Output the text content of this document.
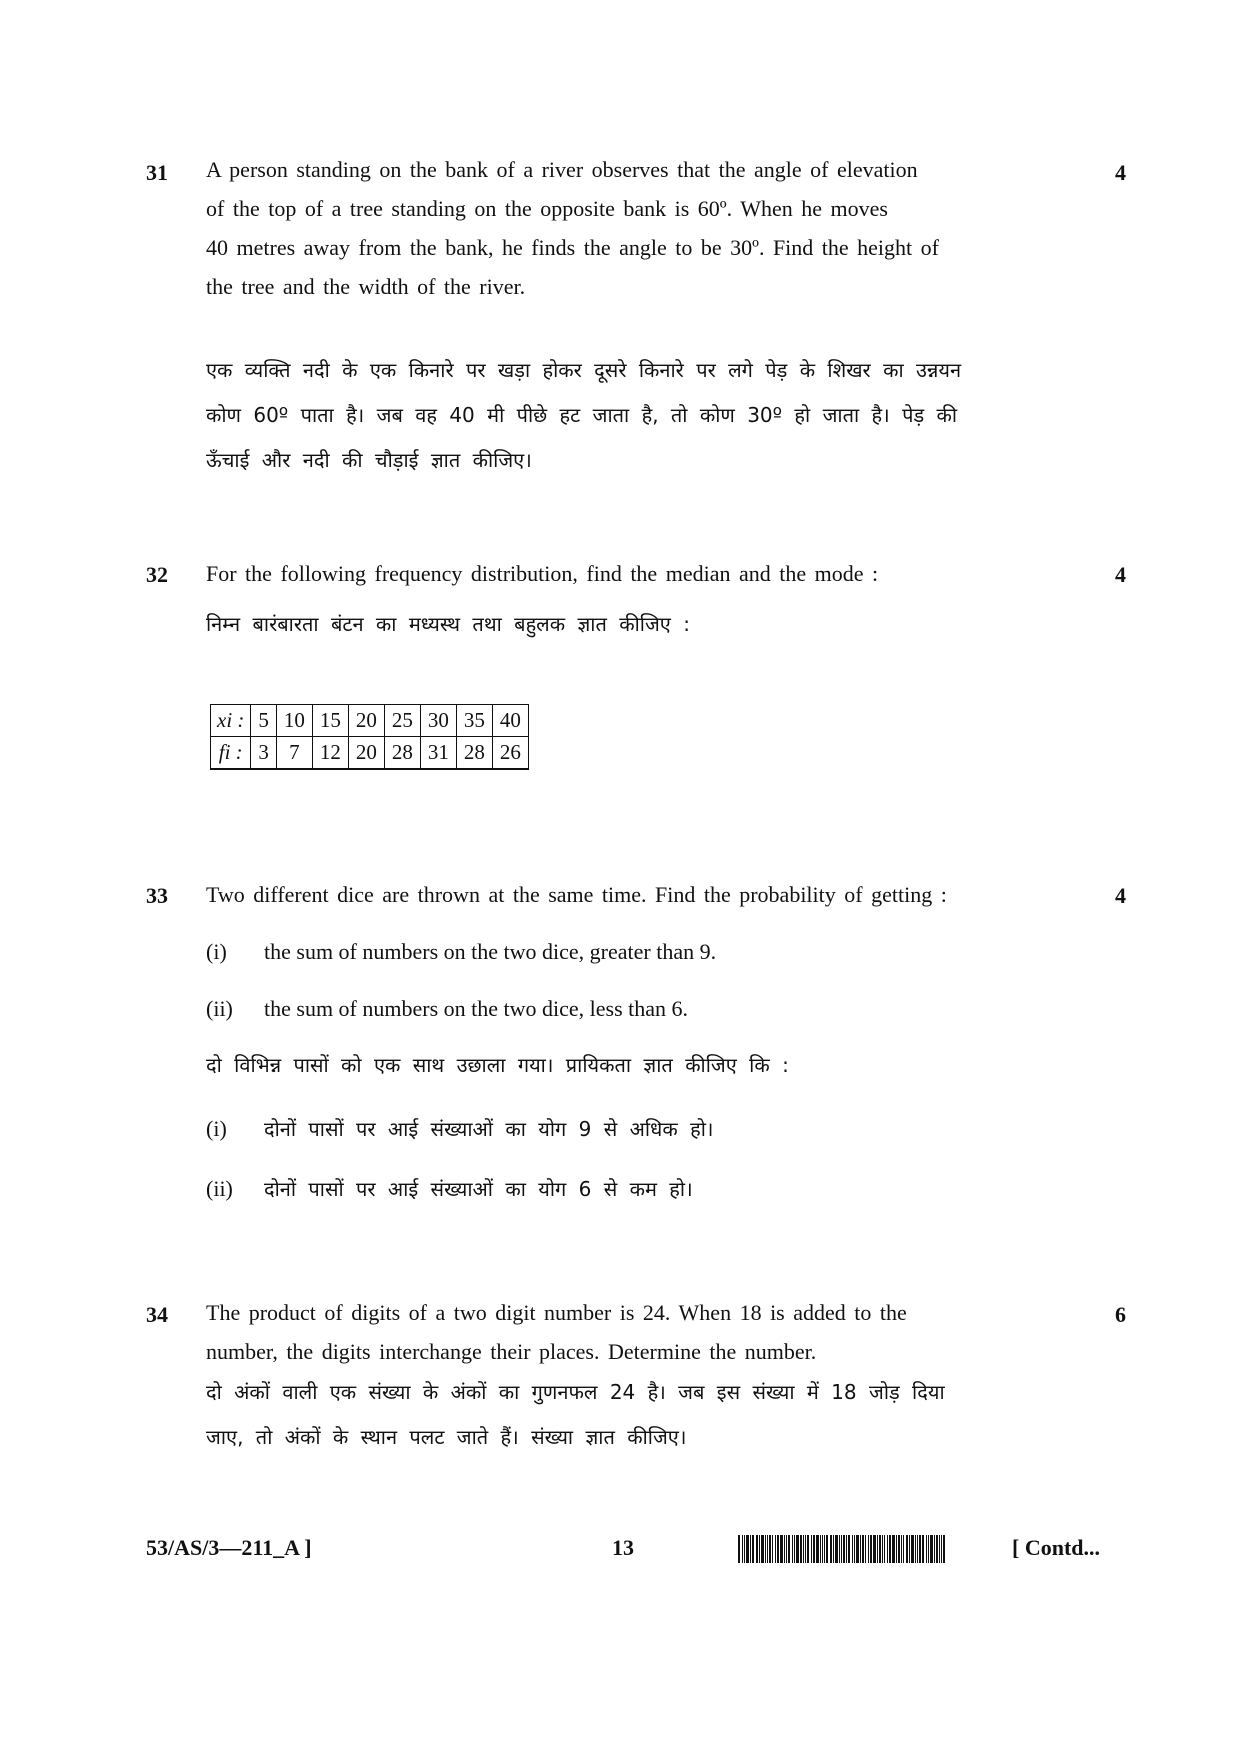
31	4
A person standing on the bank of a river observes that the angle of elevation
of the top of a tree standing on the opposite bank is 60º. When he moves
40 metres away from the bank, he finds the angle to be 30º. Find the height of
the tree and the width of the river.
एक व्यक्ति नदी के एक किनारे पर खड़ा होकर दूसरे किनारे पर लगे पेड़ के शिखर का उन्नयन
कोण 60º पाता है। जब वह 40 मी पीछे हट जाता है, तो कोण 30º हो जाता है। पेड़ की
ऊँचाई और नदी की चौड़ाई ज्ञात कीजिए।
32	4
For the following frequency distribution, find the median and the mode :
निम्न बारंबारता बंटन का मध्यस्थ तथा बहुलक ज्ञात कीजिए :
xi :	5	10	15	20	25	30	35	40
fi :	3	7	12	20	28	31	28	26
33	4
Two different dice are thrown at the same time. Find the probability of getting :
(i) the sum of numbers on the two dice, greater than 9.
(ii) the sum of numbers on the two dice, less than 6.
दो विभिन्न पासों को एक साथ उछाला गया। प्रायिकता ज्ञात कीजिए कि :
(i) दोनों पासों पर आई संख्याओं का योग 9 से अधिक हो।
(ii) दोनों पासों पर आई संख्याओं का योग 6 से कम हो।
34	6
The product of digits of a two digit number is 24. When 18 is added to the
number, the digits interchange their places. Determine the number.
दो अंकों वाली एक संख्या के अंकों का गुणनफल 24 है। जब इस संख्या में 18 जोड़ दिया
जाए, तो अंकों के स्थान पलट जाते हैं। संख्या ज्ञात कीजिए।
53/AS/3—211_A ]	13	[ Contd...
